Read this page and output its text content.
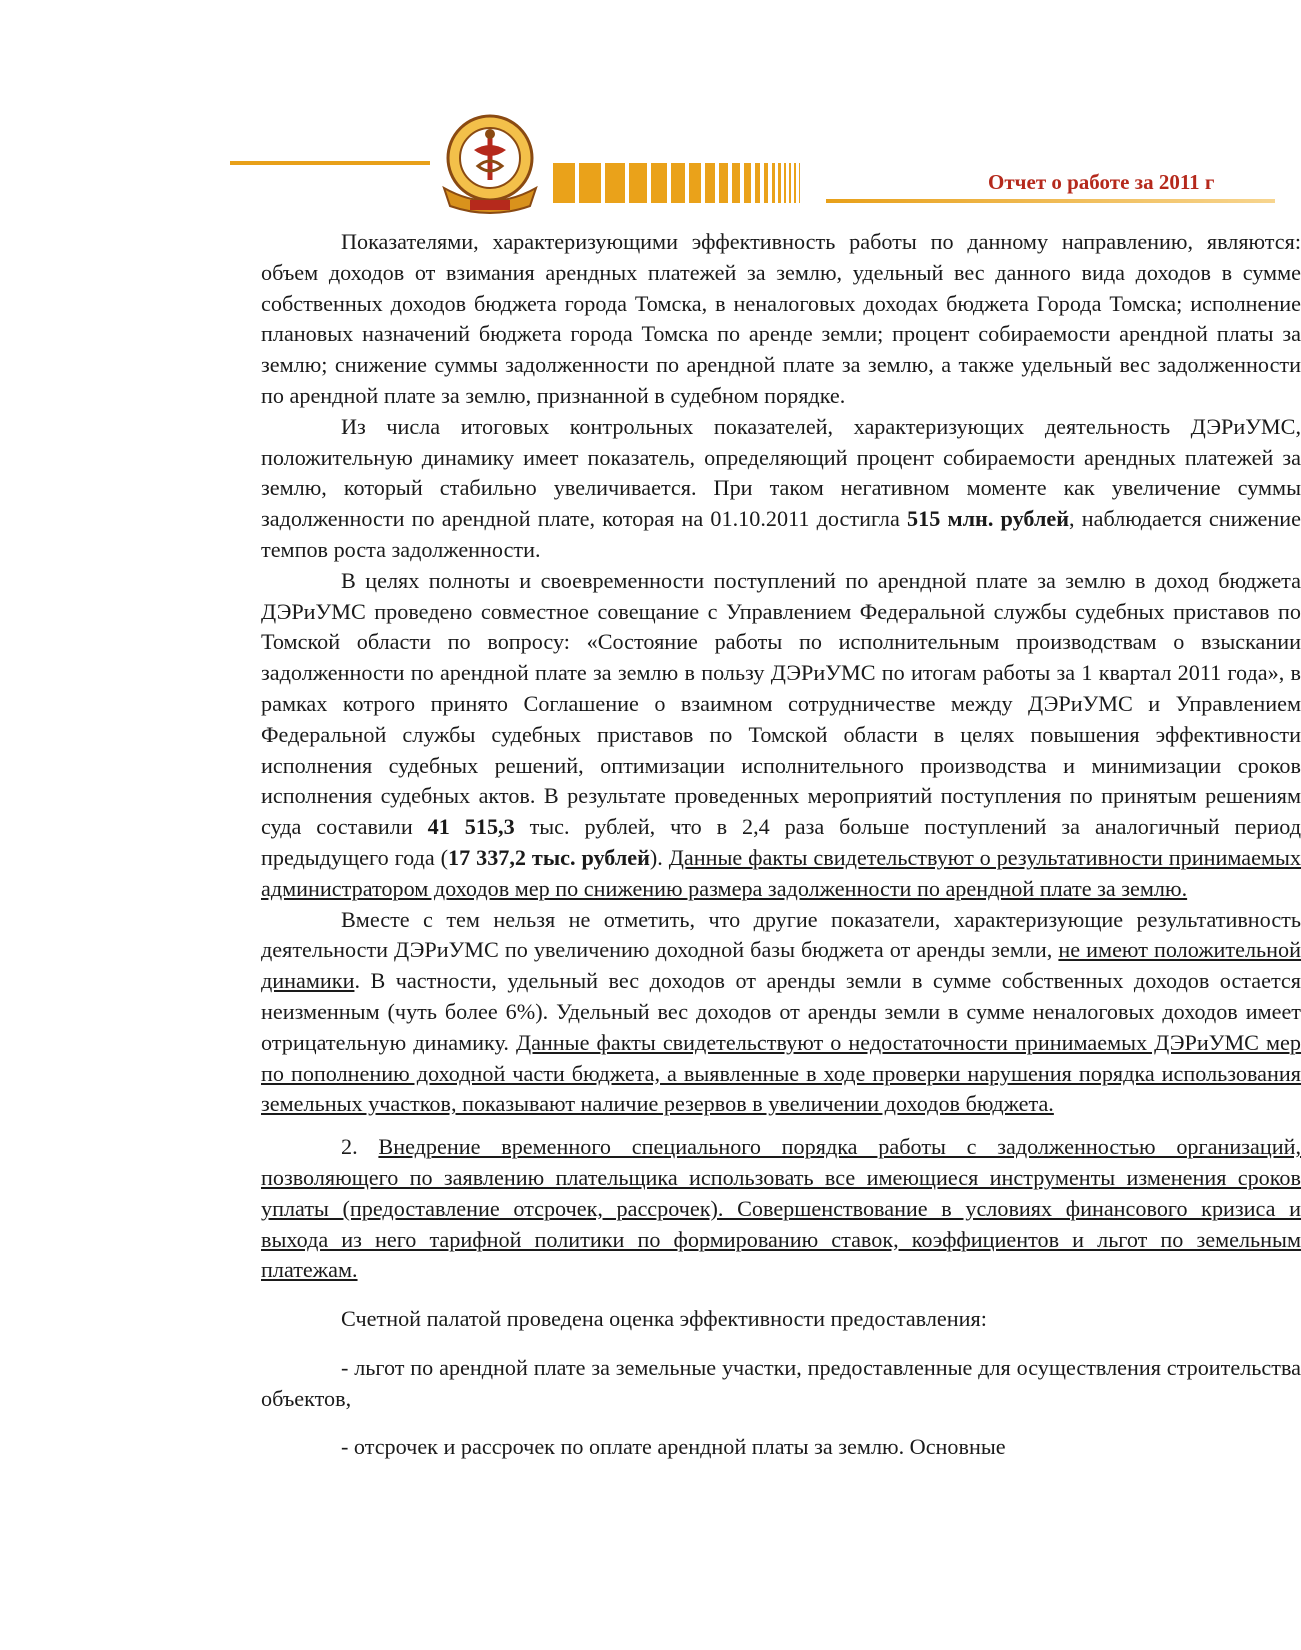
Отчет о работе за 2011 г

Показателями, характеризующими эффективность работы по данному направлению, являются: объем доходов от взимания арендных платежей за землю, удельный вес данного вида доходов в сумме собственных доходов бюджета города Томска, в неналоговых доходах бюджета Города Томска; исполнение плановых назначений бюджета города Томска по аренде земли; процент собираемости арендной платы за землю; снижение суммы задолженности по арендной плате за землю, а также удельный вес задолженности по арендной плате за землю, признанной в судебном порядке.

Из числа итоговых контрольных показателей, характеризующих деятельность ДЭРиУМС, положительную динамику имеет показатель, определяющий процент собираемости арендных платежей за землю, который стабильно увеличивается. При таком негативном моменте как увеличение суммы задолженности по арендной плате, которая на 01.10.2011 достигла 515 млн. рублей, наблюдается снижение темпов роста задолженности.

В целях полноты и своевременности поступлений по арендной плате за землю в доход бюджета ДЭРиУМС проведено совместное совещание с Управлением Федеральной службы судебных приставов по Томской области по вопросу: «Состояние работы по исполнительным производствам о взыскании задолженности по арендной плате за землю в пользу ДЭРиУМС по итогам работы за 1 квартал 2011 года», в рамках котрого принято Соглашение о взаимном сотрудничестве между ДЭРиУМС и Управлением Федеральной службы судебных приставов по Томской области в целях повышения эффективности исполнения судебных решений, оптимизации исполнительного производства и минимизации сроков исполнения судебных актов. В результате проведенных мероприятий поступления по принятым решениям суда составили 41 515,3 тыс. рублей, что в 2,4 раза больше поступлений за аналогичный период предыдущего года (17 337,2 тыс. рублей). Данные факты свидетельствуют о результативности принимаемых администратором доходов мер по снижению размера задолженности по арендной плате за землю.

Вместе с тем нельзя не отметить, что другие показатели, характеризующие результативность деятельности ДЭРиУМС по увеличению доходной базы бюджета от аренды земли, не имеют положительной динамики. В частности, удельный вес доходов от аренды земли в сумме собственных доходов остается неизменным (чуть более 6%). Удельный вес доходов от аренды земли в сумме неналоговых доходов имеет отрицательную динамику. Данные факты свидетельствуют о недостаточности принимаемых ДЭРиУМС мер по пополнению доходной части бюджета, а выявленные в ходе проверки нарушения порядка использования земельных участков, показывают наличие резервов в увеличении доходов бюджета.

2. Внедрение временного специального порядка работы с задолженностью организаций, позволяющего по заявлению плательщика использовать все имеющиеся инструменты изменения сроков уплаты (предоставление отсрочек, рассрочек). Совершенствование в условиях финансового кризиса и выхода из него тарифной политики по формированию ставок, коэффициентов и льгот по земельным платежам.

Счетной палатой проведена оценка эффективности предоставления:

- льгот по арендной плате за земельные участки, предоставленные для осуществления строительства объектов,

- отсрочек и рассрочек по оплате арендной платы за землю. Основные
